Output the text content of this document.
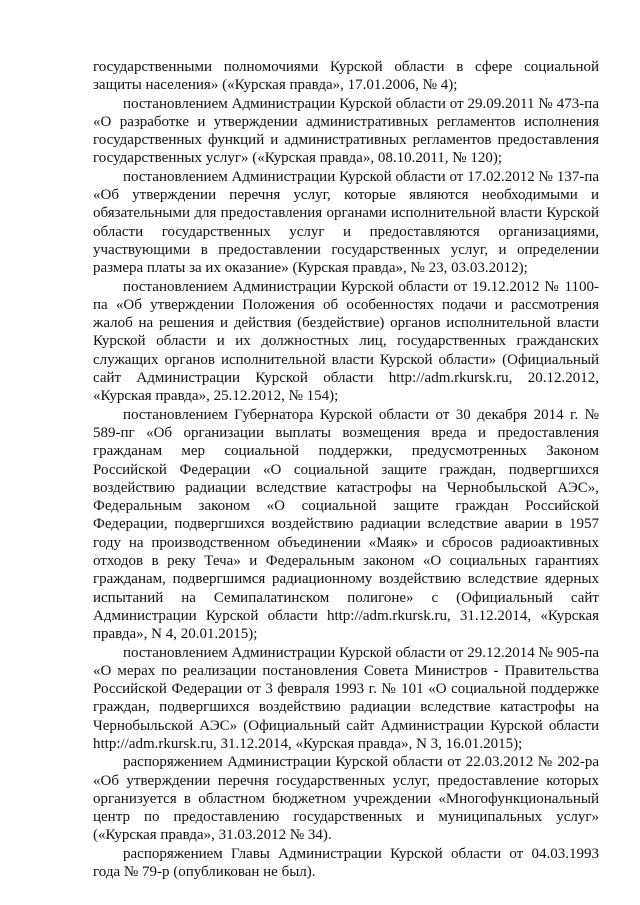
государственными полномочиями Курской области в сфере социальной защиты населения» («Курская правда», 17.01.2006, № 4);

постановлением Администрации Курской области от 29.09.2011 № 473-па «О разработке и утверждении административных регламентов исполнения государственных функций и административных регламентов предоставления государственных услуг» («Курская правда», 08.10.2011, № 120);

постановлением Администрации Курской области от 17.02.2012 № 137-па «Об утверждении перечня услуг, которые являются необходимыми и обязательными для предоставления органами исполнительной власти Курской области государственных услуг и предоставляются организациями, участвующими в предоставлении государственных услуг, и определении размера платы за их оказание» (Курская правда», № 23, 03.03.2012);

постановлением Администрации Курской области от 19.12.2012 № 1100-па «Об утверждении Положения об особенностях подачи и рассмотрения жалоб на решения и действия (бездействие) органов исполнительной власти Курской области и их должностных лиц, государственных гражданских служащих органов исполнительной власти Курской области» (Официальный сайт Администрации Курской области http://adm.rkursk.ru, 20.12.2012, «Курская правда», 25.12.2012, № 154);

постановлением Губернатора Курской области от 30 декабря 2014 г. № 589-пг «Об организации выплаты возмещения вреда и предоставления гражданам мер социальной поддержки, предусмотренных Законом Российской Федерации «О социальной защите граждан, подвергшихся воздействию радиации вследствие катастрофы на Чернобыльской АЭС», Федеральным законом «О социальной защите граждан Российской Федерации, подвергшихся воздействию радиации вследствие аварии в 1957 году на производственном объединении «Маяк» и сбросов радиоактивных отходов в реку Теча» и Федеральным законом «О социальных гарантиях гражданам, подвергшимся радиационному воздействию вследствие ядерных испытаний на Семипалатинском полигоне» с (Официальный сайт Администрации Курской области http://adm.rkursk.ru, 31.12.2014, «Курская правда», N 4, 20.01.2015);

постановлением Администрации Курской области от 29.12.2014 № 905-па «О мерах по реализации постановления Совета Министров - Правительства Российской Федерации от 3 февраля 1993 г. № 101 «О социальной поддержке граждан, подвергшихся воздействию радиации вследствие катастрофы на Чернобыльской АЭС» (Официальный сайт Администрации Курской области http://adm.rkursk.ru, 31.12.2014, «Курская правда», N 3, 16.01.2015);

распоряжением Администрации Курской области от 22.03.2012 № 202-ра «Об утверждении перечня государственных услуг, предоставление которых организуется в областном бюджетном учреждении «Многофункциональный центр по предоставлению государственных и муниципальных услуг» («Курская правда», 31.03.2012 № 34).

распоряжением Главы Администрации Курской области от 04.03.1993 года № 79-р (опубликован не был).
